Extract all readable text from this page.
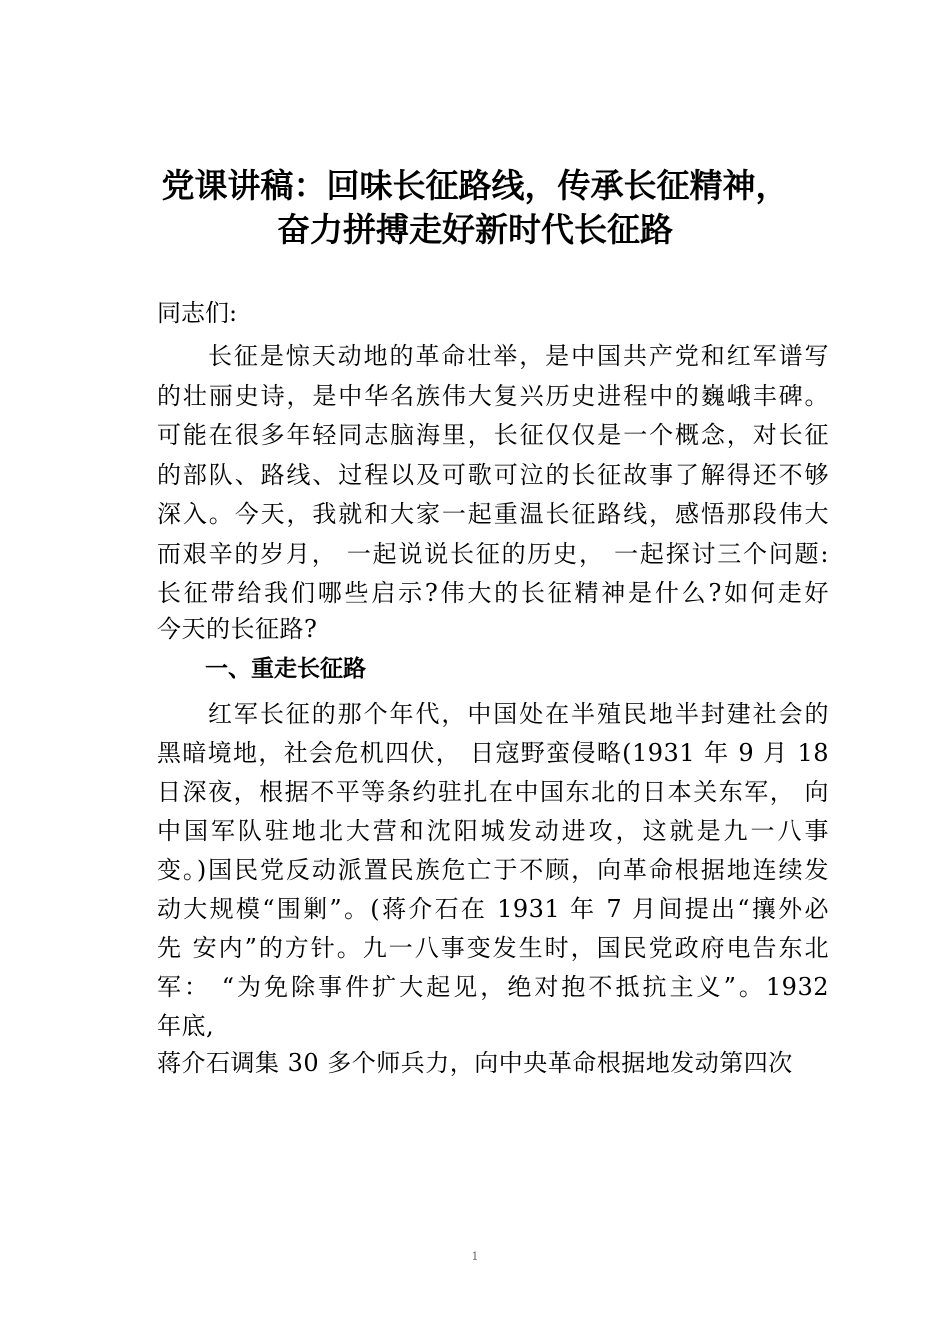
党课讲稿：回味长征路线，传承长征精神，
奋力拼搏走好新时代长征路
同志们:
长征是惊天动地的革命壮举，是中国共产党和红军谱写
的壮丽史诗，是中华名族伟大复兴历史进程中的巍峨丰碑。
可能在很多年轻同志脑海里，长征仅仅是一个概念，对长征
的部队、路线、过程以及可歌可泣的长征故事了解得还不够
深入。今天，我就和大家一起重温长征路线，感悟那段伟大
而艰辛的岁月， 一起说说长征的历史， 一起探讨三个问题:
长征带给我们哪些启示?伟大的长征精神是什么?如何走好
今天的长征路?
一、重走长征路
红军长征的那个年代，中国处在半殖民地半封建社会的
黑暗境地，社会危机四伏， 日寇野蛮侵略(1931 年 9 月 18
日深夜，根据不平等条约驻扎在中国东北的日本关东军， 向
中国军队驻地北大营和沈阳城发动进攻，这就是九一八事
变。)国民党反动派置民族危亡于不顾，向革命根据地连续发
动大规模“围剿”。(蒋介石在 1931 年 7 月间提出“攘外必
先 安内”的方针。九一八事变发生时，国民党政府电告东北
军： “为免除事件扩大起见，绝对抱不抵抗主义”。1932
年底,
蒋介石调集 30 多个师兵力，向中央革命根据地发动第四次
1
